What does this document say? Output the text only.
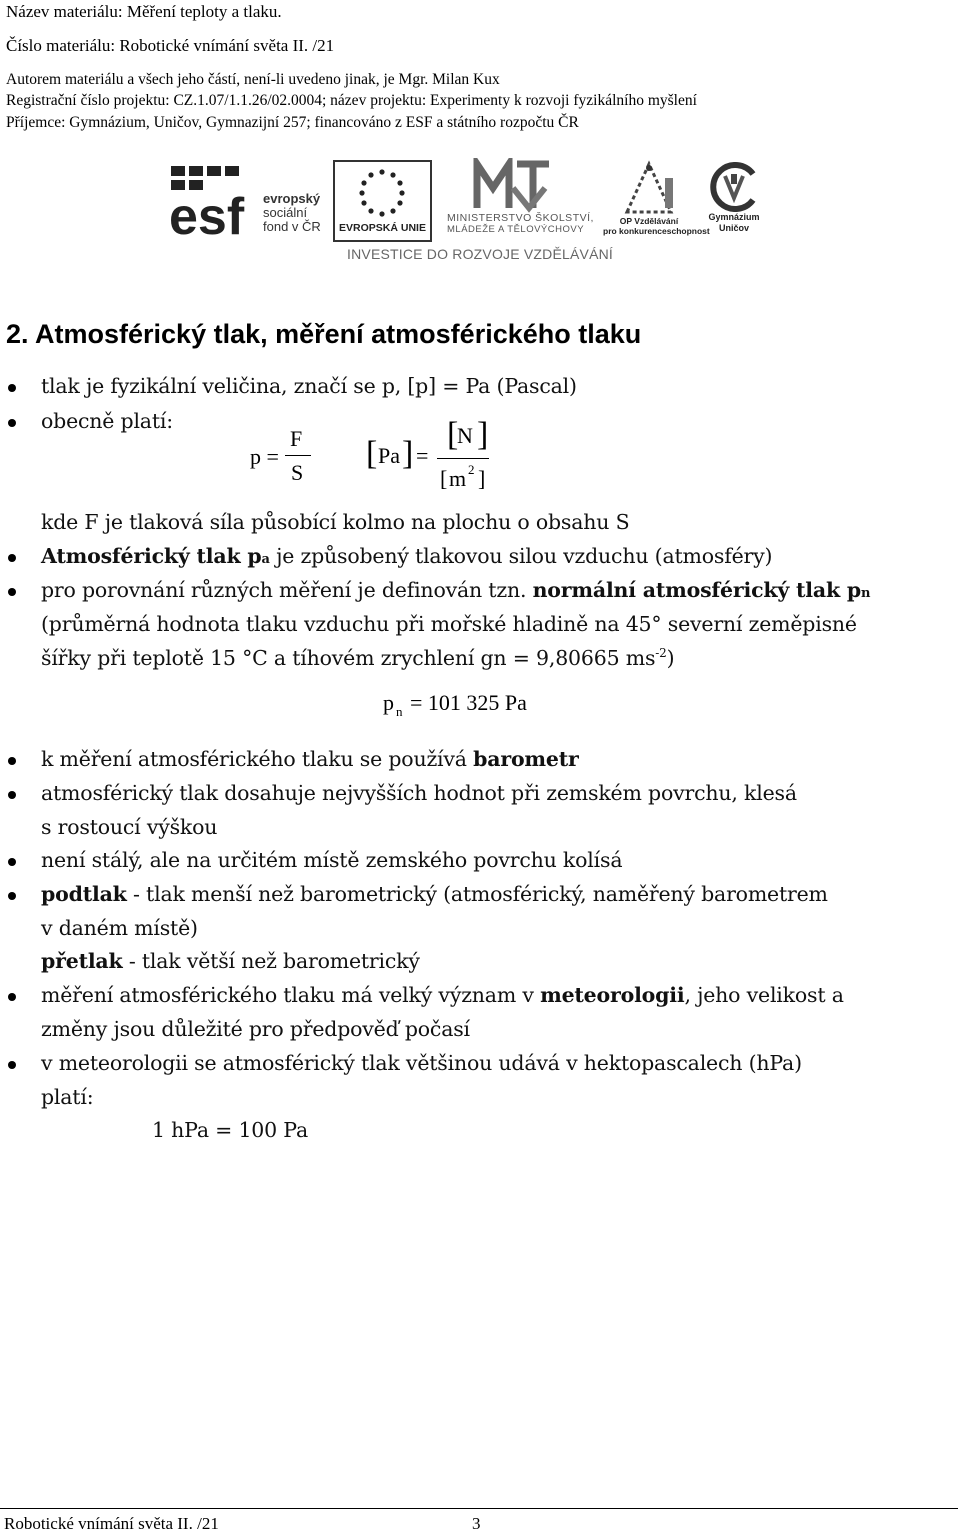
Název materiálu: Měření teploty a tlaku.
Číslo materiálu: Robotické vnímání světa II. /21
Autorem materiálu a všech jeho částí, není-li uvedeno jinak, je Mgr. Milan Kux
Registrační číslo projektu: CZ.1.07/1.1.26/02.0004; název projektu: Experimenty k rozvoji fyzikálního myšlení
Příjemce: Gymnázium, Uničov, Gymnazijní 257; financováno z ESF a státního rozpočtu ČR
esf evropský
sociální
fond v ČR EVROPSKÁ UNIE
MINISTERSTVO ŠKOLSTVÍ,
MLÁDEŽE A TĚLOVÝCHOVY
OP Vzdělávání
pro konkurenceschopnost
Gymnázium
Uničov
INVESTICE DO ROZVOJE VZDĚLÁVÁNÍ
2. Atmosférický tlak, měření atmosférického tlaku
tlak je fyzikální veličina, značí se p, [p] = Pa (Pascal)
obecně platí:
p =
F
S
[ Pa ] =
[
N ]
[ m 2 ]
kde F je tlaková síla působící kolmo na plochu o obsahu S
Atmosférický tlak pa je způsobený tlakovou silou vzduchu (atmosféry)
pro porovnání různých měření je definován tzn. normální atmosférický tlak pn
(průměrná hodnota tlaku vzduchu při mořské hladině na 45° severní zeměpisné
šířky při teplotě 15 °C a tíhovém zrychlení gn = 9,80665 $ms^{-2}$)
p n = 101 325 Pa
k měření atmosférického tlaku se používá barometr
atmosférický tlak dosahuje nejvyšších hodnot při zemském povrchu, klesá
s rostoucí výškou
není stálý, ale na určitém místě zemského povrchu kolísá
podtlak - tlak menší než barometrický (atmosférický, naměřený barometrem
v daném místě)
přetlak - tlak větší než barometrický
měření atmosférického tlaku má velký význam v meteorologii, jeho velikost a
změny jsou důležité pro předpověď počasí
v meteorologii se atmosférický tlak většinou udává v hektopascalech (hPa)
platí:
1 hPa = 100 Pa
Robotické vnímání světa II. /21	3
